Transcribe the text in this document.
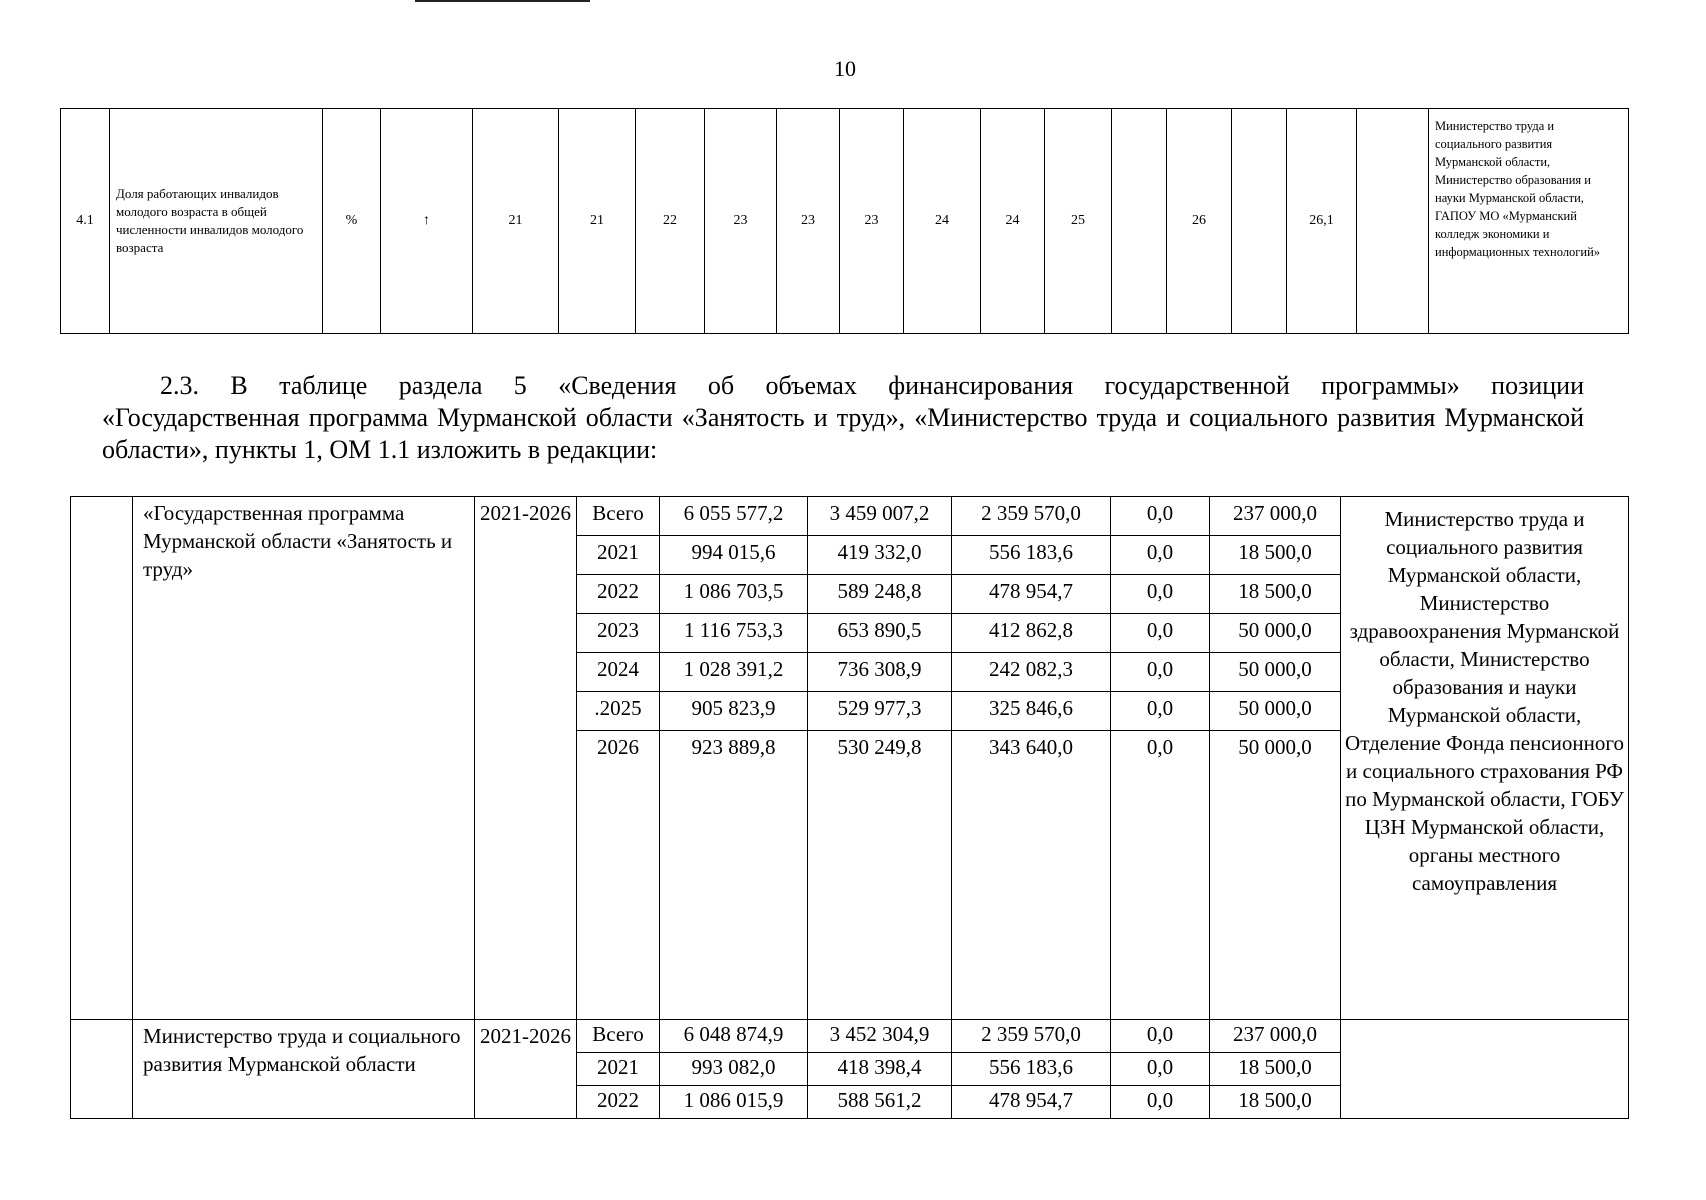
10
4.1	Доля работающих инвалидов молодого возраста в общей численности инвалидов молодого возраста	%	↑	21	21	22	23	23	23	24	24	25		26		26,1		Министерство труда и социального развития Мурманской области, Министерство образования и науки Мурманской области, ГАПОУ МО «Мурманский колледж экономики и информационных технологий»

2.3. В таблице раздела 5 «Сведения об объемах финансирования государственной программы» позиции
«Государственная программа Мурманской области «Занятость и труд», «Министерство труда и социального развития Мурманской области», пункты 1, ОМ 1.1 изложить в редакции:

	«Государственная программа Мурманской области «Занятость и труд»	2021-2026	Всего	6 055 577,2	3 459 007,2	2 359 570,0	0,0	237 000,0	Министерство труда и социального развития Мурманской области, Министерство здравоохранения Мурманской области, Министерство образования и науки Мурманской области, Отделение Фонда пенсионного и социального страхования РФ по Мурманской области, ГОБУ ЦЗН Мурманской области, органы местного самоуправления
			2021	994 015,6	419 332,0	556 183,6	0,0	18 500,0	
			2022	1 086 703,5	589 248,8	478 954,7	0,0	18 500,0	
			2023	1 116 753,3	653 890,5	412 862,8	0,0	50 000,0	
			2024	1 028 391,2	736 308,9	242 082,3	0,0	50 000,0	
			.2025	905 823,9	529 977,3	325 846,6	0,0	50 000,0	
			2026	923 889,8	530 249,8	343 640,0	0,0	50 000,0	

	Министерство труда и социального развития Мурманской области	2021-2026	Всего	6 048 874,9	3 452 304,9	2 359 570,0	0,0	237 000,0	
			2021	993 082,0	418 398,4	556 183,6	0,0	18 500,0	
			2022	1 086 015,9	588 561,2	478 954,7	0,0	18 500,0	
